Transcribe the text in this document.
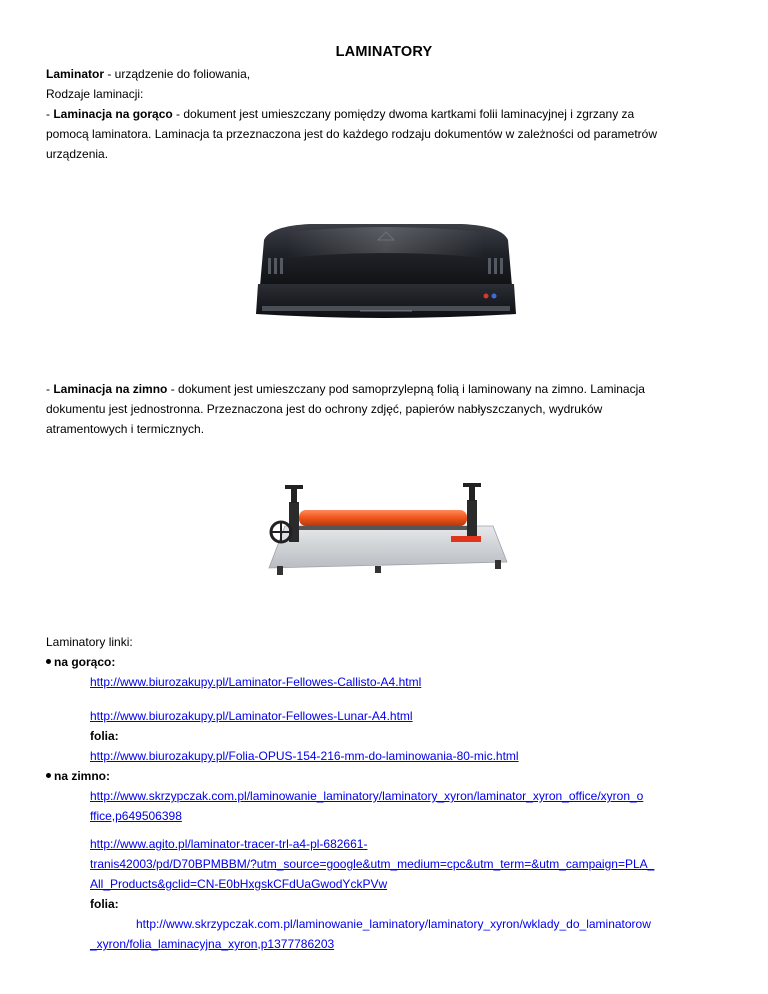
LAMINATORY
Laminator - urządzenie do foliowania,
Rodzaje laminacji:
- Laminacja na gorąco - dokument jest umieszczany pomiędzy dwoma kartkami folii laminacyjnej i zgrzany za
pomocą laminatora. Laminacja ta przeznaczona jest do każdego rodzaju dokumentów w zależności od parametrów
urządzenia.
- Laminacja na zimno - dokument jest umieszczany pod samoprzylepną folią i laminowany na zimno. Laminacja
dokumentu jest jednostronna. Przeznaczona jest do ochrony zdjęć, papierów nabłyszczanych, wydruków
atramentowych i termicznych.
Laminatory linki:
na gorąco:
http://www.biurozakupy.pl/Laminator-Fellowes-Callisto-A4.html
http://www.biurozakupy.pl/Laminator-Fellowes-Lunar-A4.html
folia:
http://www.biurozakupy.pl/Folia-OPUS-154-216-mm-do-laminowania-80-mic.html
na zimno:
http://www.skrzypczak.com.pl/laminowanie_laminatory/laminatory_xyron/laminator_xyron_office/xyron_o
ffice,p649506398
http://www.agito.pl/laminator-tracer-trl-a4-pl-682661-
tranis42003/pd/D70BPMBBM/?utm_source=google&utm_medium=cpc&utm_term=&utm_campaign=PLA_
All_Products&gclid=CN-E0bHxgskCFdUaGwodYckPVw
folia:
http://www.skrzypczak.com.pl/laminowanie_laminatory/laminatory_xyron/wklady_do_laminatorow
_xyron/folia_laminacyjna_xyron,p1377786203
